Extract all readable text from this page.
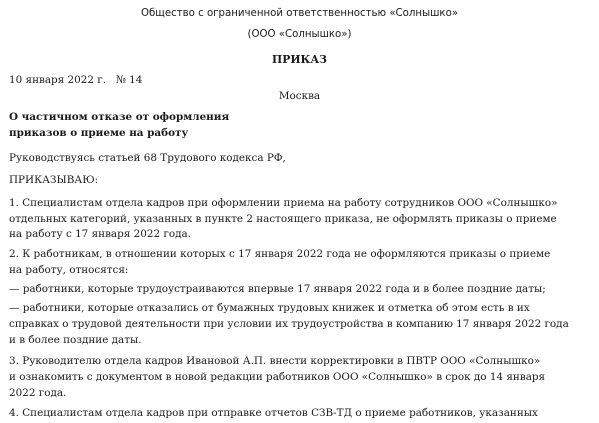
Общество с ограниченной ответственностью «Солнышко»
(ООО «Солнышко»)
ПРИКАЗ
10 января 2022 г. № 14
Москва
О частичном отказе от оформления
приказов о приеме на работу
Руководствуясь статьей 68 Трудового кодекса РФ,
ПРИКАЗЫВАЮ:
1. Специалистам отдела кадров при оформлении приема на работу сотрудников ООО «Солнышко»
отдельных категорий, указанных в пункте 2 настоящего приказа, не оформлять приказы о приеме
на работу с 17 января 2022 года.
2. К работникам, в отношении которых с 17 января 2022 года не оформляются приказы о приеме
на работу, относятся:
— работники, которые трудоустраиваются впервые 17 января 2022 года и в более поздние даты;
— работники, которые отказались от бумажных трудовых книжек и отметка об этом есть в их
справках о трудовой деятельности при условии их трудоустройства в компанию 17 января 2022 года
и в более поздние даты.
3. Руководителю отдела кадров Ивановой А.П. внести корректировки в ПВТР ООО «Солнышко»
и ознакомить с документом в новой редакции работников ООО «Солнышко» в срок до 14 января
2022 года.
4. Специалистам отдела кадров при отправке отчетов СЗВ-ТД о приеме работников, указанных
